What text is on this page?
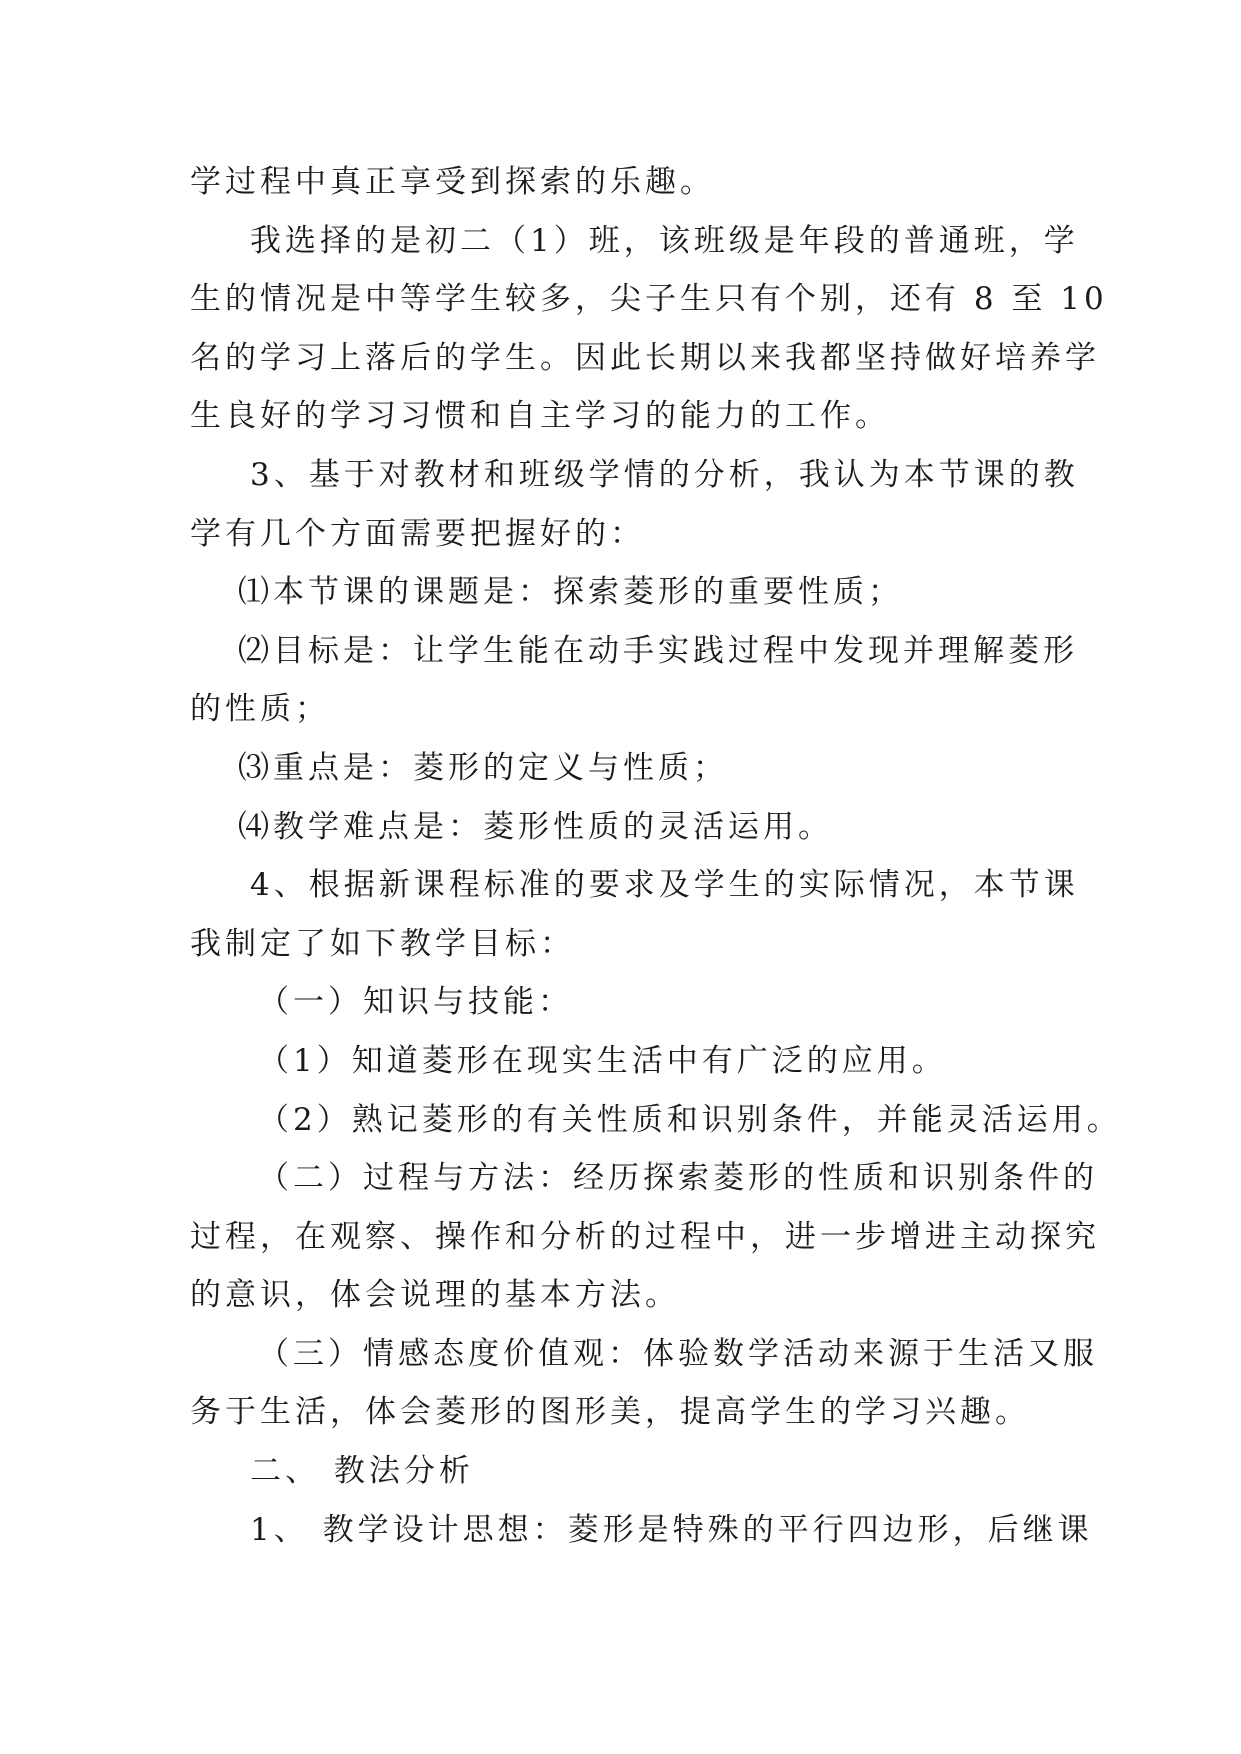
学过程中真正享受到探索的乐趣。
我选择的是初二（1）班，该班级是年段的普通班，学
生的情况是中等学生较多，尖子生只有个别，还有 8 至 10
名的学习上落后的学生。因此长期以来我都坚持做好培养学
生良好的学习习惯和自主学习的能力的工作。
3、基于对教材和班级学情的分析，我认为本节课的教
学有几个方面需要把握好的：
⑴本节课的课题是：探索菱形的重要性质；
⑵目标是：让学生能在动手实践过程中发现并理解菱形
的性质；
⑶重点是：菱形的定义与性质；
⑷教学难点是：菱形性质的灵活运用。
4、根据新课程标准的要求及学生的实际情况，本节课
我制定了如下教学目标：
（一）知识与技能：
（1）知道菱形在现实生活中有广泛的应用。
（2）熟记菱形的有关性质和识别条件，并能灵活运用。
（二）过程与方法：经历探索菱形的性质和识别条件的
过程，在观察、操作和分析的过程中，进一步增进主动探究
的意识，体会说理的基本方法。
（三）情感态度价值观：体验数学活动来源于生活又服
务于生活，体会菱形的图形美，提高学生的学习兴趣。
二、 教法分析
1、 教学设计思想：菱形是特殊的平行四边形，后继课
